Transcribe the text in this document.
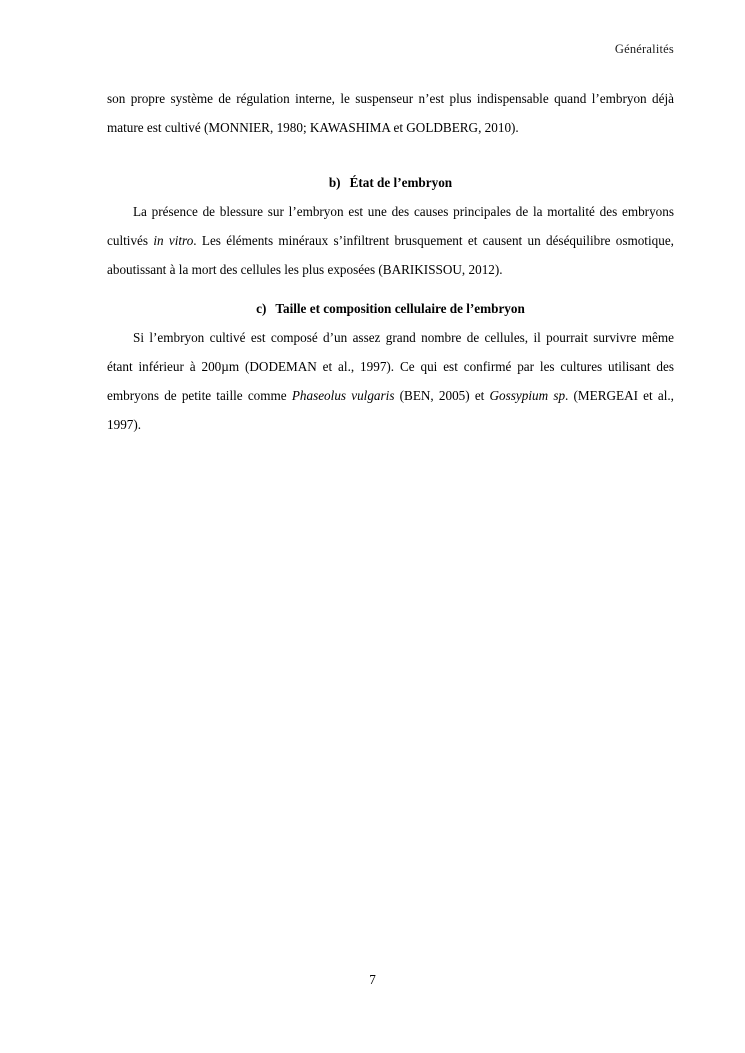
Généralités

son propre système de régulation interne, le suspenseur n’est plus indispensable quand l’embryon déjà mature est cultivé (MONNIER, 1980; KAWASHIMA et GOLDBERG, 2010).

b) État de l’embryon

La présence de blessure sur l’embryon est une des causes principales de la mortalité des embryons cultivés in vitro. Les éléments minéraux s’infiltrent brusquement et causent un déséquilibre osmotique, aboutissant à la mort des cellules les plus exposées (BARIKISSOU, 2012).

c) Taille et composition cellulaire de l’embryon

Si l’embryon cultivé est composé d’un assez grand nombre de cellules, il pourrait survivre même étant inférieur à 200µm (DODEMAN et al., 1997). Ce qui est confirmé par les cultures utilisant des embryons de petite taille comme Phaseolus vulgaris (BEN, 2005) et Gossypium sp. (MERGEAI et al., 1997).

7
